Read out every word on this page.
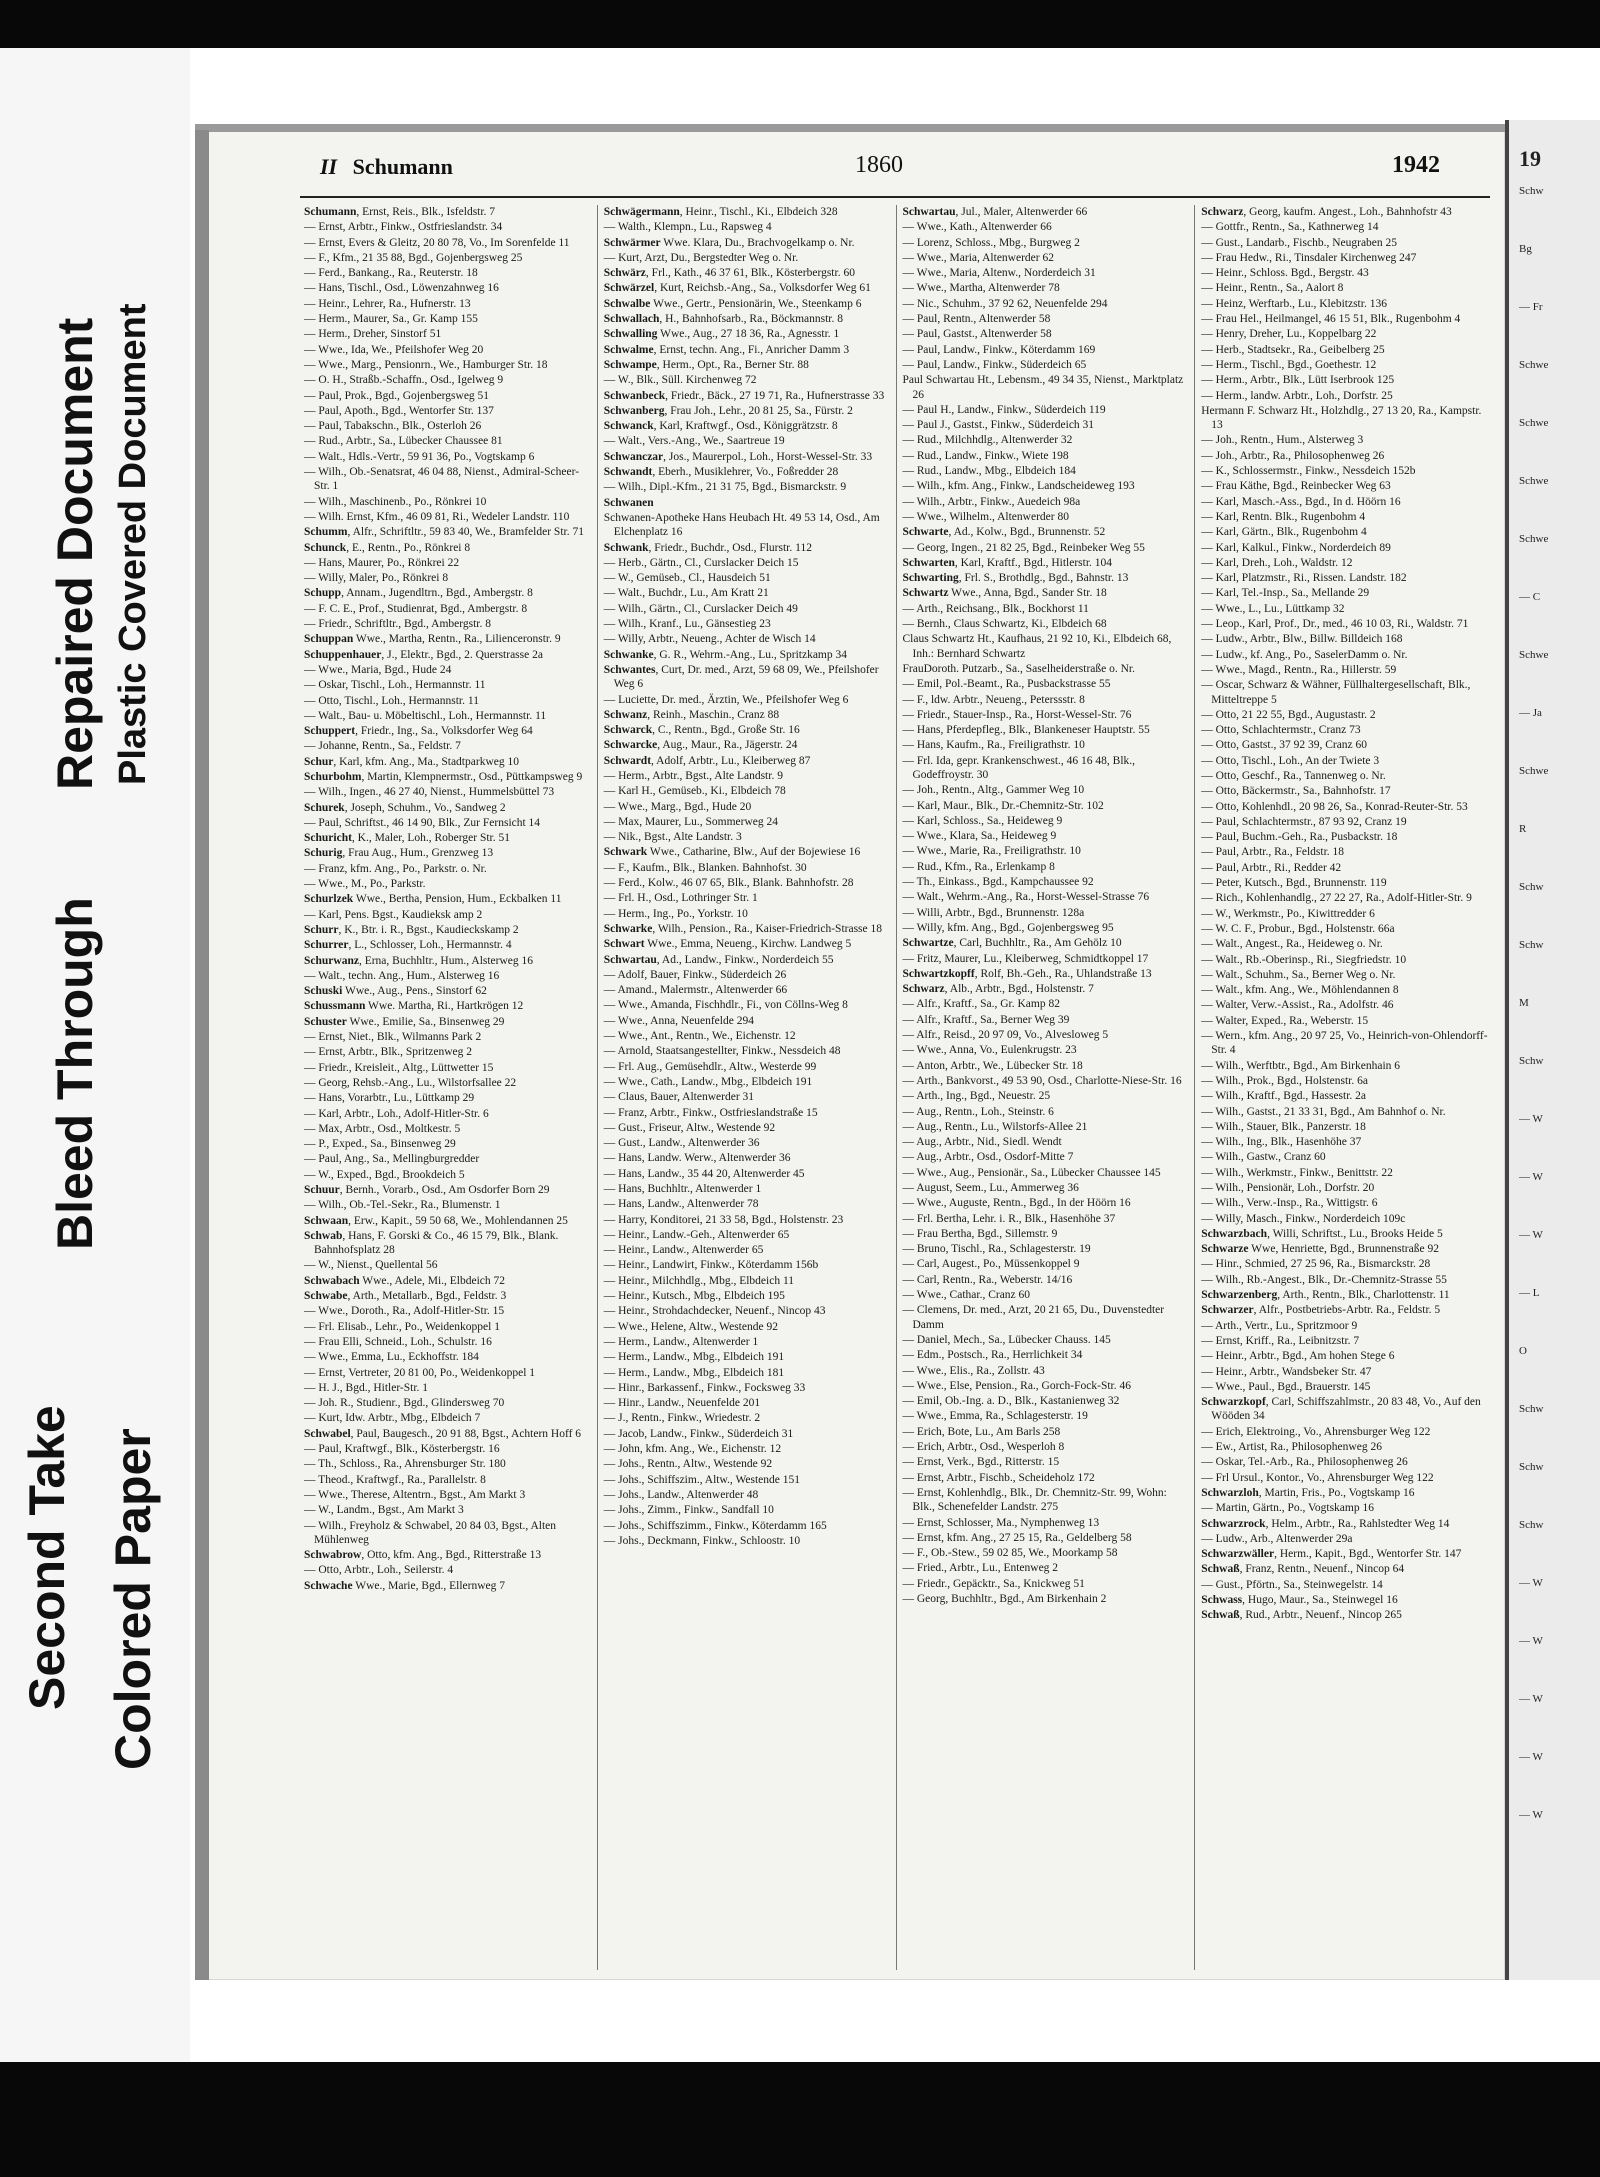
Bleed Through
Repaired Document Plastic Covered Document
Second Take Colored Paper
19
Schw
Bg
— Fr
Schwe
Schwe
Schwe
Schwe
— C
Schwe
— Ja
Schwe
R
Schw
Schw
M
Schw
— W
— W
— W
— L
O
Schw
Schw
Schw
— W
— W
— W
— W
— W
II Schumann	1860	1942
Schumann, Ernst, Reis., Blk., Isfeldstr. 7
— Ernst, Arbtr., Finkw., Ostfrieslandstr. 34
— Ernst, Evers & Gleitz, 20 80 78, Vo., Im Sorenfelde 11
— F., Kfm., 21 35 88, Bgd., Gojenbergsweg 25
— Ferd., Bankang., Ra., Reuterstr. 18
— Hans, Tischl., Osd., Löwenzahnweg 16
— Heinr., Lehrer, Ra., Hufnerstr. 13
— Herm., Maurer, Sa., Gr. Kamp 155
— Herm., Dreher, Sinstorf 51
— Wwe., Ida, We., Pfeilshofer Weg 20
— Wwe., Marg., Pensionrn., We., Hamburger Str. 18
— O. H., Straßb.-Schaffn., Osd., Igelweg 9
— Paul, Prok., Bgd., Gojenbergsweg 51
— Paul, Apoth., Bgd., Wentorfer Str. 137
— Paul, Tabakschn., Blk., Osterloh 26
— Rud., Arbtr., Sa., Lübecker Chaussee 81
— Walt., Hdls.-Vertr., 59 91 36, Po., Vogtskamp 6
— Wilh., Ob.-Senatsrat, 46 04 88, Nienst., Admiral-Scheer-Str. 1
— Wilh., Maschinenb., Po., Rönkrei 10
— Wilh. Ernst, Kfm., 46 09 81, Ri., Wedeler Landstr. 110
Schumm, Alfr., Schriftltr., 59 83 40, We., Bramfelder Str. 71
Schunck, E., Rentn., Po., Rönkrei 8
— Hans, Maurer, Po., Rönkrei 22
— Willy, Maler, Po., Rönkrei 8
Schupp, Annam., Jugendltrn., Bgd., Ambergstr. 8
— F. C. E., Prof., Studienrat, Bgd., Ambergstr. 8
— Friedr., Schriftltr., Bgd., Ambergstr. 8
Schuppan Wwe., Martha, Rentn., Ra., Lilienceronstr. 9
Schuppenhauer, J., Elektr., Bgd., 2. Querstrasse 2a
— Wwe., Maria, Bgd., Hude 24
— Oskar, Tischl., Loh., Hermannstr. 11
— Otto, Tischl., Loh., Hermannstr. 11
— Walt., Bau- u. Möbeltischl., Loh., Hermannstr. 11
Schuppert, Friedr., Ing., Sa., Volksdorfer Weg 64
— Johanne, Rentn., Sa., Feldstr. 7
Schur, Karl, kfm. Ang., Ma., Stadtparkweg 10
Schurbohm, Martin, Klempnermstr., Osd., Püttkampsweg 9
— Wilh., Ingen., 46 27 40, Nienst., Hummelsbüttel 73
Schurek, Joseph, Schuhm., Vo., Sandweg 2
— Paul, Schriftst., 46 14 90, Blk., Zur Fernsicht 14
Schuricht, K., Maler, Loh., Roberger Str. 51
Schurig, Frau Aug., Hum., Grenzweg 13
— Franz, kfm. Ang., Po., Parkstr. o. Nr.
— Wwe., M., Po., Parkstr.
Schurlzek Wwe., Bertha, Pension, Hum., Eckbalken 11
— Karl, Pens. Bgst., Kaudieksk amp 2
Schurr, K., Btr. i. R., Bgst., Kaudieckskamp 2
Schurrer, L., Schlosser, Loh., Hermannstr. 4
Schurwanz, Erna, Buchhltr., Hum., Alsterweg 16
— Walt., techn. Ang., Hum., Alsterweg 16
Schuski Wwe., Aug., Pens., Sinstorf 62
Schussmann Wwe. Martha, Ri., Hartkrögen 12
Schuster Wwe., Emilie, Sa., Binsenweg 29
— Ernst, Niet., Blk., Wilmanns Park 2
— Ernst, Arbtr., Blk., Spritzenweg 2
— Friedr., Kreisleit., Altg., Lüttwetter 15
— Georg, Rehsb.-Ang., Lu., Wilstorfsallee 22
— Hans, Vorarbtr., Lu., Lüttkamp 29
— Karl, Arbtr., Loh., Adolf-Hitler-Str. 6
— Max, Arbtr., Osd., Moltkestr. 5
— P., Exped., Sa., Binsenweg 29
— Paul, Ang., Sa., Mellingburgredder
— W., Exped., Bgd., Brookdeich 5
Schuur, Bernh., Vorarb., Osd., Am Osdorfer Born 29
— Wilh., Ob.-Tel.-Sekr., Ra., Blumenstr. 1
Schwaan, Erw., Kapit., 59 50 68, We., Mohlendannen 25
Schwab, Hans, F. Gorski & Co., 46 15 79, Blk., Blank. Bahnhofsplatz 28
— W., Nienst., Quellental 56
Schwabach Wwe., Adele, Mi., Elbdeich 72
Schwabe, Arth., Metallarb., Bgd., Feldstr. 3
— Wwe., Doroth., Ra., Adolf-Hitler-Str. 15
— Frl. Elisab., Lehr., Po., Weidenkoppel 1
— Frau Elli, Schneid., Loh., Schulstr. 16
— Wwe., Emma, Lu., Eckhoffstr. 184
— Ernst, Vertreter, 20 81 00, Po., Weidenkoppel 1
— H. J., Bgd., Hitler-Str. 1
— Joh. R., Studienr., Bgd., Glindersweg 70
— Kurt, Idw. Arbtr., Mbg., Elbdeich 7
Schwabel, Paul, Baugesch., 20 91 88, Bgst., Achtern Hoff 6
— Paul, Kraftwgf., Blk., Kösterbergstr. 16
— Th., Schloss., Ra., Ahrensburger Str. 180
— Theod., Kraftwgf., Ra., Parallelstr. 8
— Wwe., Therese, Altentrn., Bgst., Am Markt 3
— W., Landm., Bgst., Am Markt 3
— Wilh., Freyholz & Schwabel, 20 84 03, Bgst., Alten Mühlenweg
Schwabrow, Otto, kfm. Ang., Bgd., Ritterstraße 13
— Otto, Arbtr., Loh., Seilerstr. 4
Schwache Wwe., Marie, Bgd., Ellernweg 7
Schwägermann, Heinr., Tischl., Ki., Elbdeich 328
— Walth., Klempn., Lu., Rapsweg 4
Schwärmer Wwe. Klara, Du., Brachvogelkamp o. Nr.
— Kurt, Arzt, Du., Bergstedter Weg o. Nr.
Schwärz, Frl., Kath., 46 37 61, Blk., Kösterbergstr. 60
Schwärzel, Kurt, Reichsb.-Ang., Sa., Volksdorfer Weg 61
Schwalbe Wwe., Gertr., Pensionärin, We., Steenkamp 6
Schwallach, H., Bahnhofsarb., Ra., Böckmannstr. 8
Schwalling Wwe., Aug., 27 18 36, Ra., Agnesstr. 1
Schwalme, Ernst, techn. Ang., Fi., Anricher Damm 3
Schwampe, Herm., Opt., Ra., Berner Str. 88
— W., Blk., Süll. Kirchenweg 72
Schwanbeck, Friedr., Bäck., 27 19 71, Ra., Hufnerstrasse 33
Schwanberg, Frau Joh., Lehr., 20 81 25, Sa., Fürstr. 2
Schwanck, Karl, Kraftwgf., Osd., Königgrätzstr. 8
— Walt., Vers.-Ang., We., Saartreue 19
Schwanczar, Jos., Maurerpol., Loh., Horst-Wessel-Str. 33
Schwandt, Eberh., Musiklehrer, Vo., Foßredder 28
— Wilh., Dipl.-Kfm., 21 31 75, Bgd., Bismarckstr. 9
Schwanen
Schwanen-Apotheke Hans Heubach Ht. 49 53 14, Osd., Am Elchenplatz 16
Schwank, Friedr., Buchdr., Osd., Flurstr. 112
— Herb., Gärtn., Cl., Curslacker Deich 15
— W., Gemüseb., Cl., Hausdeich 51
— Walt., Buchdr., Lu., Am Kratt 21
— Wilh., Gärtn., Cl., Curslacker Deich 49
— Wilh., Kranf., Lu., Gänsestieg 23
— Willy, Arbtr., Neueng., Achter de Wisch 14
Schwanke, G. R., Wehrm.-Ang., Lu., Spritzkamp 34
Schwantes, Curt, Dr. med., Arzt, 59 68 09, We., Pfeilshofer Weg 6
— Luciette, Dr. med., Ärztin, We., Pfeilshofer Weg 6
Schwanz, Reinh., Maschin., Cranz 88
Schwarck, C., Rentn., Bgd., Große Str. 16
Schwarcke, Aug., Maur., Ra., Jägerstr. 24
Schwardt, Adolf, Arbtr., Lu., Kleiberweg 87
— Herm., Arbtr., Bgst., Alte Landstr. 9
— Karl H., Gemüseb., Ki., Elbdeich 78
— Wwe., Marg., Bgd., Hude 20
— Max, Maurer, Lu., Sommerweg 24
— Nik., Bgst., Alte Landstr. 3
Schwark Wwe., Catharine, Blw., Auf der Bojewiese 16
— F., Kaufm., Blk., Blanken. Bahnhofst. 30
— Ferd., Kolw., 46 07 65, Blk., Blank. Bahnhofstr. 28
— Frl. H., Osd., Lothringer Str. 1
— Herm., Ing., Po., Yorkstr. 10
Schwarke, Wilh., Pension., Ra., Kaiser-Friedrich-Strasse 18
Schwart Wwe., Emma, Neueng., Kirchw. Landweg 5
Schwartau, Ad., Landw., Finkw., Norderdeich 55
— Adolf, Bauer, Finkw., Süderdeich 26
— Amand., Malermstr., Altenwerder 66
— Wwe., Amanda, Fischhdlr., Fi., von Cöllns-Weg 8
— Wwe., Anna, Neuenfelde 294
— Wwe., Ant., Rentn., We., Eichenstr. 12
— Arnold, Staatsangestellter, Finkw., Nessdeich 48
— Frl. Aug., Gemüsehdlr., Altw., Westerde 99
— Wwe., Cath., Landw., Mbg., Elbdeich 191
— Claus, Bauer, Altenwerder 31
— Franz, Arbtr., Finkw., Ostfrieslandstraße 15
— Gust., Friseur, Altw., Westende 92
— Gust., Landw., Altenwerder 36
— Hans, Landw. Werw., Altenwerder 36
— Hans, Landw., 35 44 20, Altenwerder 45
— Hans, Buchhltr., Altenwerder 1
— Hans, Landw., Altenwerder 78
— Harry, Konditorei, 21 33 58, Bgd., Holstenstr. 23
— Heinr., Landw.-Geh., Altenwerder 65
— Heinr., Landw., Altenwerder 65
— Heinr., Landwirt, Finkw., Köterdamm 156b
— Heinr., Milchhdlg., Mbg., Elbdeich 11
— Heinr., Kutsch., Mbg., Elbdeich 195
— Heinr., Strohdachdecker, Neuenf., Nincop 43
— Wwe., Helene, Altw., Westende 92
— Herm., Landw., Altenwerder 1
— Herm., Landw., Mbg., Elbdeich 191
— Herm., Landw., Mbg., Elbdeich 181
— Hinr., Barkassenf., Finkw., Focksweg 33
— Hinr., Landw., Neuenfelde 201
— J., Rentn., Finkw., Wriedestr. 2
— Jacob, Landw., Finkw., Süderdeich 31
— John, kfm. Ang., We., Eichenstr. 12
— Johs., Rentn., Altw., Westende 92
— Johs., Schiffszim., Altw., Westende 151
— Johs., Landw., Altenwerder 48
— Johs., Zimm., Finkw., Sandfall 10
— Johs., Schiffszimm., Finkw., Köterdamm 165
— Johs., Deckmann, Finkw., Schloostr. 10
Schwartau, Jul., Maler, Altenwerder 66
— Wwe., Kath., Altenwerder 66
— Lorenz, Schloss., Mbg., Burgweg 2
— Wwe., Maria, Altenwerder 62
— Wwe., Maria, Altenw., Norderdeich 31
— Wwe., Martha, Altenwerder 78
— Nic., Schuhm., 37 92 62, Neuenfelde 294
— Paul, Rentn., Altenwerder 58
— Paul, Gastst., Altenwerder 58
— Paul, Landw., Finkw., Köterdamm 169
— Paul, Landw., Finkw., Süderdeich 65
Paul Schwartau Ht., Lebensm., 49 34 35, Nienst., Marktplatz 26
— Paul H., Landw., Finkw., Süderdeich 119
— Paul J., Gastst., Finkw., Süderdeich 31
— Rud., Milchhdlg., Altenwerder 32
— Rud., Landw., Finkw., Wiete 198
— Rud., Landw., Mbg., Elbdeich 184
— Wilh., kfm. Ang., Finkw., Landscheideweg 193
— Wilh., Arbtr., Finkw., Auedeich 98a
— Wwe., Wilhelm., Altenwerder 80
Schwarte, Ad., Kolw., Bgd., Brunnenstr. 52
— Georg, Ingen., 21 82 25, Bgd., Reinbeker Weg 55
Schwarten, Karl, Kraftf., Bgd., Hitlerstr. 104
Schwarting, Frl. S., Brothdlg., Bgd., Bahnstr. 13
Schwartz Wwe., Anna, Bgd., Sander Str. 18
— Arth., Reichsang., Blk., Bockhorst 11
— Bernh., Claus Schwartz, Ki., Elbdeich 68
Claus Schwartz Ht., Kaufhaus, 21 92 10, Ki., Elbdeich 68, Inh.: Bernhard Schwartz
FrauDoroth. Putzarb., Sa., Saselheiderstraße o. Nr.
— Emil, Pol.-Beamt., Ra., Pusbackstrasse 55
— F., ldw. Arbtr., Neueng., Peterssstr. 8
— Friedr., Stauer-Insp., Ra., Horst-Wessel-Str. 76
— Hans, Pferdepfleg., Blk., Blankeneser Hauptstr. 55
— Hans, Kaufm., Ra., Freiligrathstr. 10
— Frl. Ida, gepr. Krankenschwest., 46 16 48, Blk., Godeffroystr. 30
— Joh., Rentn., Altg., Gammer Weg 10
— Karl, Maur., Blk., Dr.-Chemnitz-Str. 102
— Karl, Schloss., Sa., Heideweg 9
— Wwe., Klara, Sa., Heideweg 9
— Wwe., Marie, Ra., Freiligrathstr. 10
— Rud., Kfm., Ra., Erlenkamp 8
— Th., Einkass., Bgd., Kampchaussee 92
— Walt., Wehrm.-Ang., Ra., Horst-Wessel-Strasse 76
— Willi, Arbtr., Bgd., Brunnenstr. 128a
— Willy, kfm. Ang., Bgd., Gojenbergsweg 95
Schwartze, Carl, Buchhltr., Ra., Am Gehölz 10
— Fritz, Maurer, Lu., Kleiberweg, Schmidtkoppel 17
Schwartzkopff, Rolf, Bh.-Geh., Ra., Uhlandstraße 13
Schwarz, Alb., Arbtr., Bgd., Holstenstr. 7
— Alfr., Kraftf., Sa., Gr. Kamp 82
— Alfr., Kraftf., Sa., Berner Weg 39
— Alfr., Reisd., 20 97 09, Vo., Alvesloweg 5
— Wwe., Anna, Vo., Eulenkrugstr. 23
— Anton, Arbtr., We., Lübecker Str. 18
— Arth., Bankvorst., 49 53 90, Osd., Charlotte-Niese-Str. 16
— Arth., Ing., Bgd., Neuestr. 25
— Aug., Rentn., Loh., Steinstr. 6
— Aug., Rentn., Lu., Wilstorfs-Allee 21
— Aug., Arbtr., Nid., Siedl. Wendt
— Aug., Arbtr., Osd., Osdorf-Mitte 7
— Wwe., Aug., Pensionär., Sa., Lübecker Chaussee 145
— August, Seem., Lu., Ammerweg 36
— Wwe., Auguste, Rentn., Bgd., In der Höörn 16
— Frl. Bertha, Lehr. i. R., Blk., Hasenhöhe 37
— Frau Bertha, Bgd., Sillemstr. 9
— Bruno, Tischl., Ra., Schlagesterstr. 19
— Carl, Augest., Po., Müssenkoppel 9
— Carl, Rentn., Ra., Weberstr. 14/16
— Wwe., Cathar., Cranz 60
— Clemens, Dr. med., Arzt, 20 21 65, Du., Duvenstedter Damm
— Daniel, Mech., Sa., Lübecker Chauss. 145
— Edm., Postsch., Ra., Herrlichkeit 34
— Wwe., Elis., Ra., Zollstr. 43
— Wwe., Else, Pension., Ra., Gorch-Fock-Str. 46
— Emil, Ob.-Ing. a. D., Blk., Kastanienweg 32
— Wwe., Emma, Ra., Schlagesterstr. 19
— Erich, Bote, Lu., Am Barls 258
— Erich, Arbtr., Osd., Wesperloh 8
— Ernst, Verk., Bgd., Ritterstr. 15
— Ernst, Arbtr., Fischb., Scheideholz 172
— Ernst, Kohlenhdlg., Blk., Dr. Chemnitz-Str. 99, Wohn: Blk., Schenefelder Landstr. 275
— Ernst, Schlosser, Ma., Nymphenweg 13
— Ernst, kfm. Ang., 27 25 15, Ra., Geldelberg 58
— F., Ob.-Stew., 59 02 85, We., Moorkamp 58
— Fried., Arbtr., Lu., Entenweg 2
— Friedr., Gepäcktr., Sa., Knickweg 51
— Georg, Buchhltr., Bgd., Am Birkenhain 2
Schwarz, Georg, kaufm. Angest., Loh., Bahnhofstr 43
— Gottfr., Rentn., Sa., Kathnerweg 14
— Gust., Landarb., Fischb., Neugraben 25
— Frau Hedw., Ri., Tinsdaler Kirchenweg 247
— Heinr., Schloss. Bgd., Bergstr. 43
— Heinr., Rentn., Sa., Aalort 8
— Heinz, Werftarb., Lu., Klebitzstr. 136
— Frau Hel., Heilmangel, 46 15 51, Blk., Rugenbohm 4
— Henry, Dreher, Lu., Koppelbarg 22
— Herb., Stadtsekr., Ra., Geibelberg 25
— Herm., Tischl., Bgd., Goethestr. 12
— Herm., Arbtr., Blk., Lütt Iserbrook 125
— Herm., landw. Arbtr., Loh., Dorfstr. 25
Hermann F. Schwarz Ht., Holzhdlg., 27 13 20, Ra., Kampstr. 13
— Joh., Rentn., Hum., Alsterweg 3
— Joh., Arbtr., Ra., Philosophenweg 26
— K., Schlossermstr., Finkw., Nessdeich 152b
— Frau Käthe, Bgd., Reinbecker Weg 63
— Karl, Masch.-Ass., Bgd., In d. Höörn 16
— Karl, Rentn. Blk., Rugenbohm 4
— Karl, Gärtn., Blk., Rugenbohm 4
— Karl, Kalkul., Finkw., Norderdeich 89
— Karl, Dreh., Loh., Waldstr. 12
— Karl, Platzmstr., Ri., Rissen. Landstr. 182
— Karl, Tel.-Insp., Sa., Mellande 29
— Wwe., L., Lu., Lüttkamp 32
— Leop., Karl, Prof., Dr., med., 46 10 03, Ri., Waldstr. 71
— Ludw., Arbtr., Blw., Billw. Billdeich 168
— Ludw., kf. Ang., Po., SaselerDamm o. Nr.
— Wwe., Magd., Rentn., Ra., Hillerstr. 59
— Oscar, Schwarz & Wähner, Füllhaltergesellschaft, Blk., Mitteltreppe 5
— Otto, 21 22 55, Bgd., Augustastr. 2
— Otto, Schlachtermstr., Cranz 73
— Otto, Gastst., 37 92 39, Cranz 60
— Otto, Tischl., Loh., An der Twiete 3
— Otto, Geschf., Ra., Tannenweg o. Nr.
— Otto, Bäckermstr., Sa., Bahnhofstr. 17
— Otto, Kohlenhdl., 20 98 26, Sa., Konrad-Reuter-Str. 53
— Paul, Schlachtermstr., 87 93 92, Cranz 19
— Paul, Buchm.-Geh., Ra., Pusbackstr. 18
— Paul, Arbtr., Ra., Feldstr. 18
— Paul, Arbtr., Ri., Redder 42
— Peter, Kutsch., Bgd., Brunnenstr. 119
— Rich., Kohlenhandlg., 27 22 27, Ra., Adolf-Hitler-Str. 9
— W., Werkmstr., Po., Kiwittredder 6
— W. C. F., Probur., Bgd., Holstenstr. 66a
— Walt., Angest., Ra., Heideweg o. Nr.
— Walt., Rb.-Oberinsp., Ri., Siegfriedstr. 10
— Walt., Schuhm., Sa., Berner Weg o. Nr.
— Walt., kfm. Ang., We., Möhlendannen 8
— Walter, Verw.-Assist., Ra., Adolfstr. 46
— Walter, Exped., Ra., Weberstr. 15
— Wern., kfm. Ang., 20 97 25, Vo., Heinrich-von-Ohlendorff-Str. 4
— Wilh., Werftbtr., Bgd., Am Birkenhain 6
— Wilh., Prok., Bgd., Holstenstr. 6a
— Wilh., Kraftf., Bgd., Hassestr. 2a
— Wilh., Gastst., 21 33 31, Bgd., Am Bahnhof o. Nr.
— Wilh., Stauer, Blk., Panzerstr. 18
— Wilh., Ing., Blk., Hasenhöhe 37
— Wilh., Gastw., Cranz 60
— Wilh., Werkmstr., Finkw., Benittstr. 22
— Wilh., Pensionär, Loh., Dorfstr. 20
— Wilh., Verw.-Insp., Ra., Wittigstr. 6
— Willy, Masch., Finkw., Norderdeich 109c
Schwarzbach, Willi, Schriftst., Lu., Brooks Heide 5
Schwarze Wwe, Henriette, Bgd., Brunnenstraße 92
— Hinr., Schmied, 27 25 96, Ra., Bismarckstr. 28
— Wilh., Rb.-Angest., Blk., Dr.-Chemnitz-Strasse 55
Schwarzenberg, Arth., Rentn., Blk., Charlottenstr. 11
Schwarzer, Alfr., Postbetriebs-Arbtr. Ra., Feldstr. 5
— Arth., Vertr., Lu., Spritzmoor 9
— Ernst, Kriff., Ra., Leibnitzstr. 7
— Heinr., Arbtr., Bgd., Am hohen Stege 6
— Heinr., Arbtr., Wandsbeker Str. 47
— Wwe., Paul., Bgd., Brauerstr. 145
Schwarzkopf, Carl, Schiffszahlmstr., 20 83 48, Vo., Auf den Wööden 34
— Erich, Elektroing., Vo., Ahrensburger Weg 122
— Ew., Artist, Ra., Philosophenweg 26
— Oskar, Tel.-Arb., Ra., Philosophenweg 26
— Frl Ursul., Kontor., Vo., Ahrensburger Weg 122
Schwarzloh, Martin, Fris., Po., Vogtskamp 16
— Martin, Gärtn., Po., Vogtskamp 16
Schwarzrock, Helm., Arbtr., Ra., Rahlstedter Weg 14
— Ludw., Arb., Altenwerder 29a
Schwarzwäller, Herm., Kapit., Bgd., Wentorfer Str. 147
Schwaß, Franz, Rentn., Neuenf., Nincop 64
— Gust., Pförtn., Sa., Steinwegelstr. 14
Schwass, Hugo, Maur., Sa., Steinwegel 16
Schwaß, Rud., Arbtr., Neuenf., Nincop 265
